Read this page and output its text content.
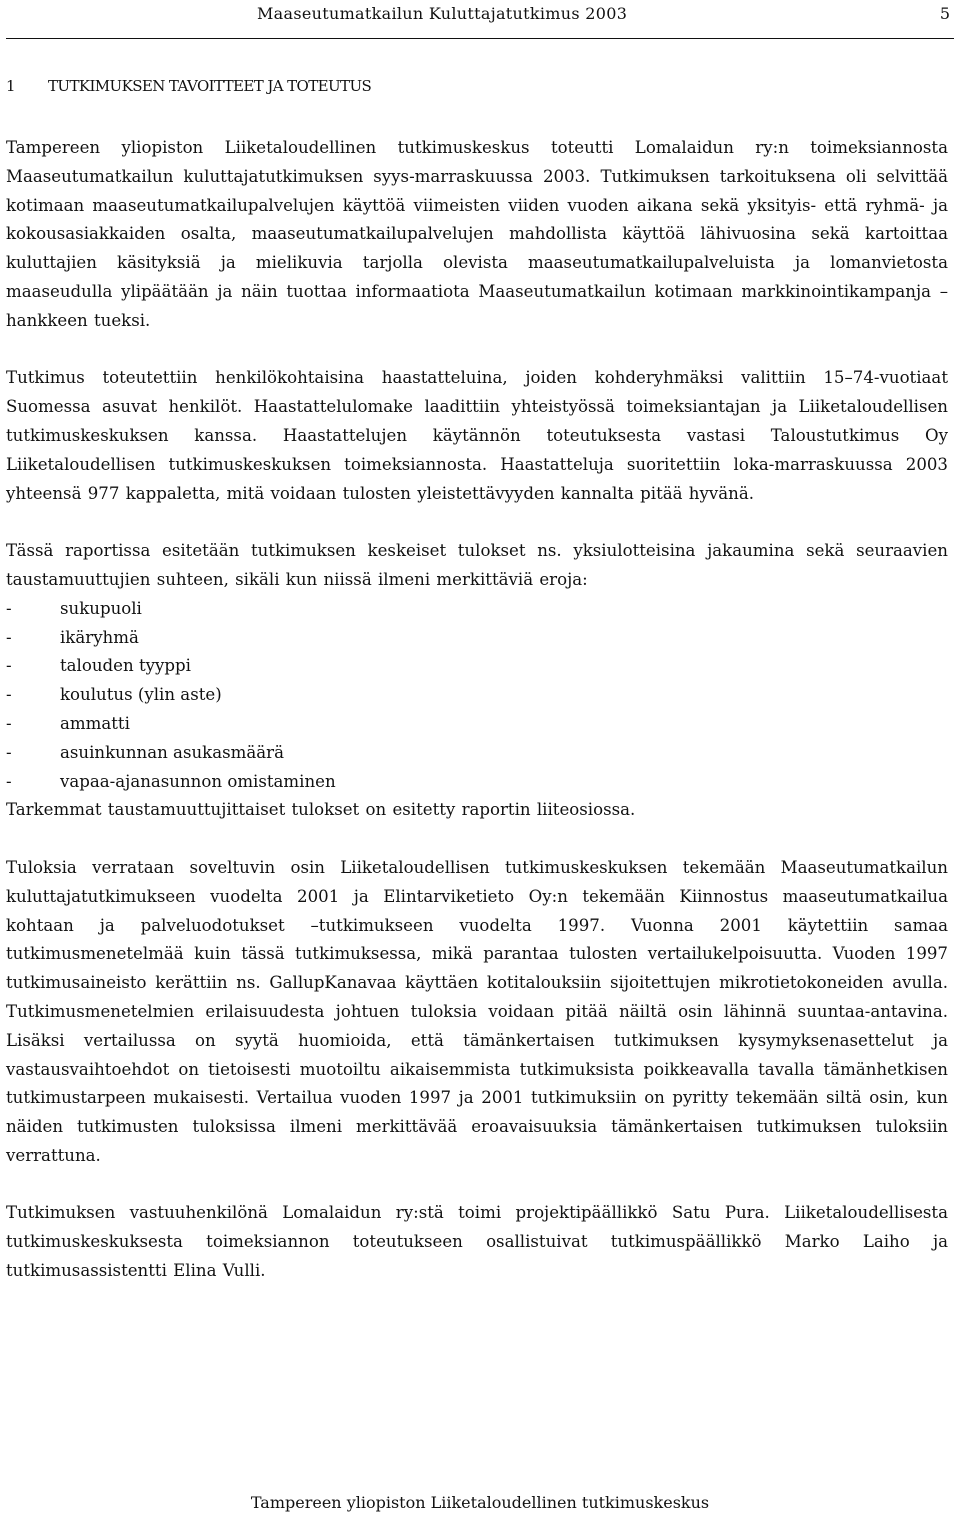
Maaseutumatkailun Kuluttajatutkimus 2003	5
1 TUTKIMUKSEN TAVOITTEET JA TOTEUTUS

Tampereen yliopiston Liiketaloudellinen tutkimuskeskus toteutti Lomalaidun ry:n toimeksiannosta Maaseutumatkailun kuluttajatutkimuksen syys-marraskuussa 2003. Tutkimuksen tarkoituksena oli selvittää kotimaan maaseutumatkailupalvelujen käyttöä viimeisten viiden vuoden aikana sekä yksityis- että ryhmä- ja kokousasiakkaiden osalta, maaseutumatkailupalvelujen mahdollista käyttöä lähivuosina sekä kartoittaa kuluttajien käsityksiä ja mielikuvia tarjolla olevista maaseutumatkailupalveluista ja lomanvietosta maaseudulla ylipäätään ja näin tuottaa informaatiota Maaseutumatkailun kotimaan markkinointikampanja –hankkeen tueksi.

Tutkimus toteutettiin henkilökohtaisina haastatteluina, joiden kohderyhmäksi valittiin 15–74-vuotiaat Suomessa asuvat henkilöt. Haastattelulomake laadittiin yhteistyössä toimeksiantajan ja Liiketaloudellisen tutkimuskeskuksen kanssa. Haastattelujen käytännön toteutuksesta vastasi Taloustutkimus Oy Liiketaloudellisen tutkimuskeskuksen toimeksiannosta. Haastatteluja suoritettiin loka-marraskuussa 2003 yhteensä 977 kappaletta, mitä voidaan tulosten yleistettävyyden kannalta pitää hyvänä.

Tässä raportissa esitetään tutkimuksen keskeiset tulokset ns. yksiulotteisina jakaumina sekä seuraavien taustamuuttujien suhteen, sikäli kun niissä ilmeni merkittäviä eroja:

-	sukupuoli
-	ikäryhmä
-	talouden tyyppi
-	koulutus (ylin aste)
-	ammatti
-	asuinkunnan asukasmäärä
-	vapaa-ajanasunnon omistaminen

Tarkemmat taustamuuttujittaiset tulokset on esitetty raportin liiteosiossa.

Tuloksia verrataan soveltuvin osin Liiketaloudellisen tutkimuskeskuksen tekemään Maaseutumatkailun kuluttajatutkimukseen vuodelta 2001 ja Elintarviketieto Oy:n tekemään Kiinnostus maaseutumatkailua kohtaan ja palveluodotukset –tutkimukseen vuodelta 1997. Vuonna 2001 käytettiin samaa tutkimusmenetelmää kuin tässä tutkimuksessa, mikä parantaa tulosten vertailukelpoisuutta. Vuoden 1997 tutkimusaineisto kerättiin ns. GallupKanavaa käyttäen kotitalouksiin sijoitettujen mikrotietokoneiden avulla. Tutkimusmenetelmien erilaisuudesta johtuen tuloksia voidaan pitää näiltä osin lähinnä suuntaa-antavina. Lisäksi vertailussa on syytä huomioida, että tämänkertaisen tutkimuksen kysymyksenasettelut ja vastausvaihtoehdot on tietoisesti muotoiltu aikaisemmista tutkimuksista poikkeavalla tavalla tämänhetkisen tutkimustarpeen mukaisesti. Vertailua vuoden 1997 ja 2001 tutkimuksiin on pyritty tekemään siltä osin, kun näiden tutkimusten tuloksissa ilmeni merkittävää eroavaisuuksia tämänkertaisen tutkimuksen tuloksiin verrattuna.

Tutkimuksen vastuuhenkilönä Lomalaidun ry:stä toimi projektipäällikkö Satu Pura. Liiketaloudellisesta tutkimuskeskuksesta toimeksiannon toteutukseen osallistuivat tutkimuspäällikkö Marko Laiho ja tutkimusassistentti Elina Vulli.

Tampereen yliopiston Liiketaloudellinen tutkimuskeskus
